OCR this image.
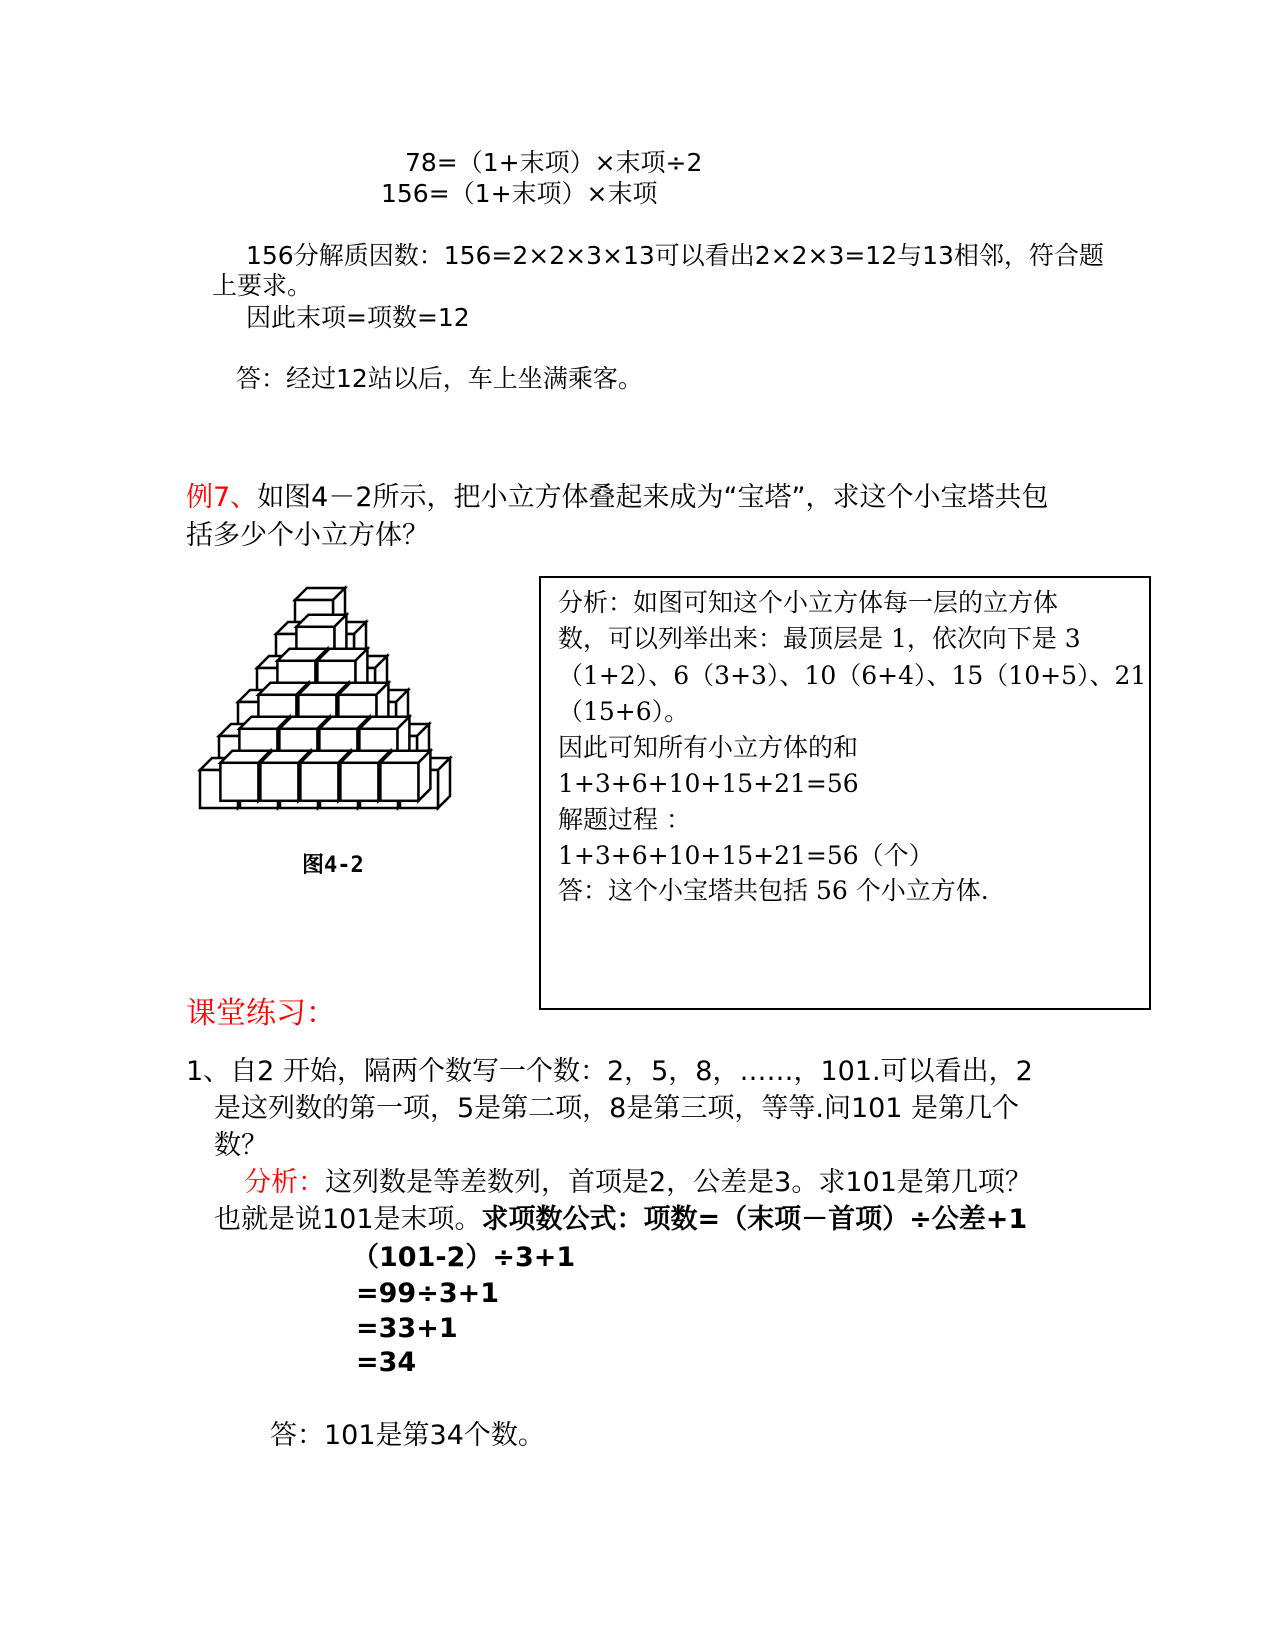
78=（1+末项）×末项÷2
156=（1+末项）×末项
156分解质因数：156=2×2×3×13可以看出2×2×3=12与13相邻，符合题
上要求。
因此末项=项数=12
答：经过12站以后，车上坐满乘客。
例7、如图4－2所示，把小立方体叠起来成为“宝塔”，求这个小宝塔共包
括多少个小立方体？
图4-2
分析：如图可知这个小立方体每一层的立方体
数，可以列举出来：最顶层是 1，依次向下是 3
（1+2）、6（3+3）、10（6+4）、15（10+5）、21
（15+6）。
因此可知所有小立方体的和
1+3+6+10+15+21=56
解题过程 ：
1+3+6+10+15+21=56（个）
答：这个小宝塔共包括 56 个小立方体.
课堂练习：
1、自2 开始，隔两个数写一个数：2，5，8，……，101.可以看出，2
是这列数的第一项，5是第二项，8是第三项，等等.问101 是第几个
数？
分析：这列数是等差数列，首项是2，公差是3。求101是第几项？
也就是说101是末项。求项数公式：项数=（末项－首项）÷公差+1
（101-2）÷3+1
=99÷3+1
=33+1
=34
答：101是第34个数。
